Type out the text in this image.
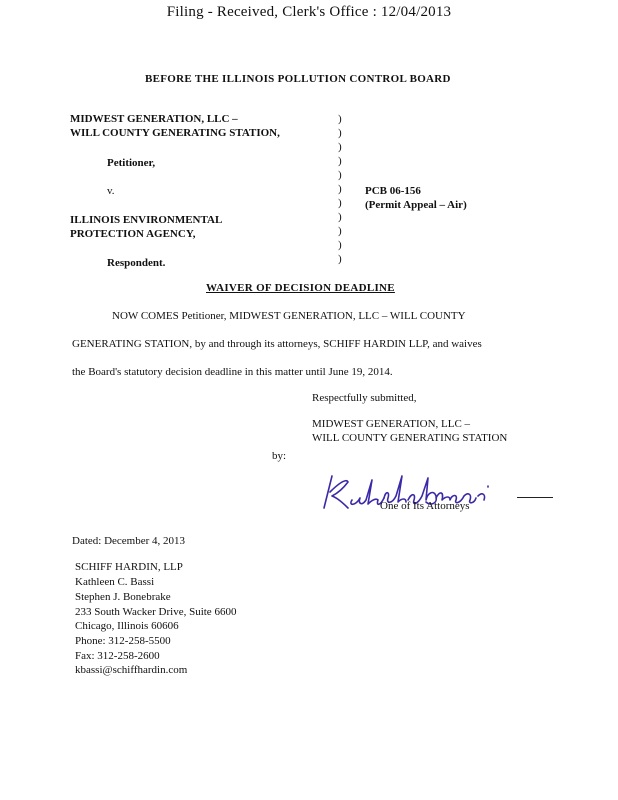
Filing - Received, Clerk's Office : 12/04/2013
BEFORE THE ILLINOIS POLLUTION CONTROL BOARD
MIDWEST GENERATION, LLC –
WILL COUNTY GENERATING STATION,
Petitioner,
v.
ILLINOIS ENVIRONMENTAL
PROTECTION AGENCY,
Respondent.
)
)
)
)
)
)
)
)
)
)
)
PCB 06-156
(Permit Appeal – Air)
WAIVER OF DECISION DEADLINE
NOW COMES Petitioner, MIDWEST GENERATION, LLC – WILL COUNTY
GENERATING STATION, by and through its attorneys, SCHIFF HARDIN LLP, and waives
the Board's statutory decision deadline in this matter until June 19, 2014.
Respectfully submitted,
MIDWEST GENERATION, LLC –
WILL COUNTY GENERATING STATION
by:
Kathleen Bassi
One of Its Attorneys
Dated: December 4, 2013
SCHIFF HARDIN, LLP
Kathleen C. Bassi
Stephen J. Bonebrake
233 South Wacker Drive, Suite 6600
Chicago, Illinois 60606
Phone: 312-258-5500
Fax: 312-258-2600
kbassi@schiffhardin.com
